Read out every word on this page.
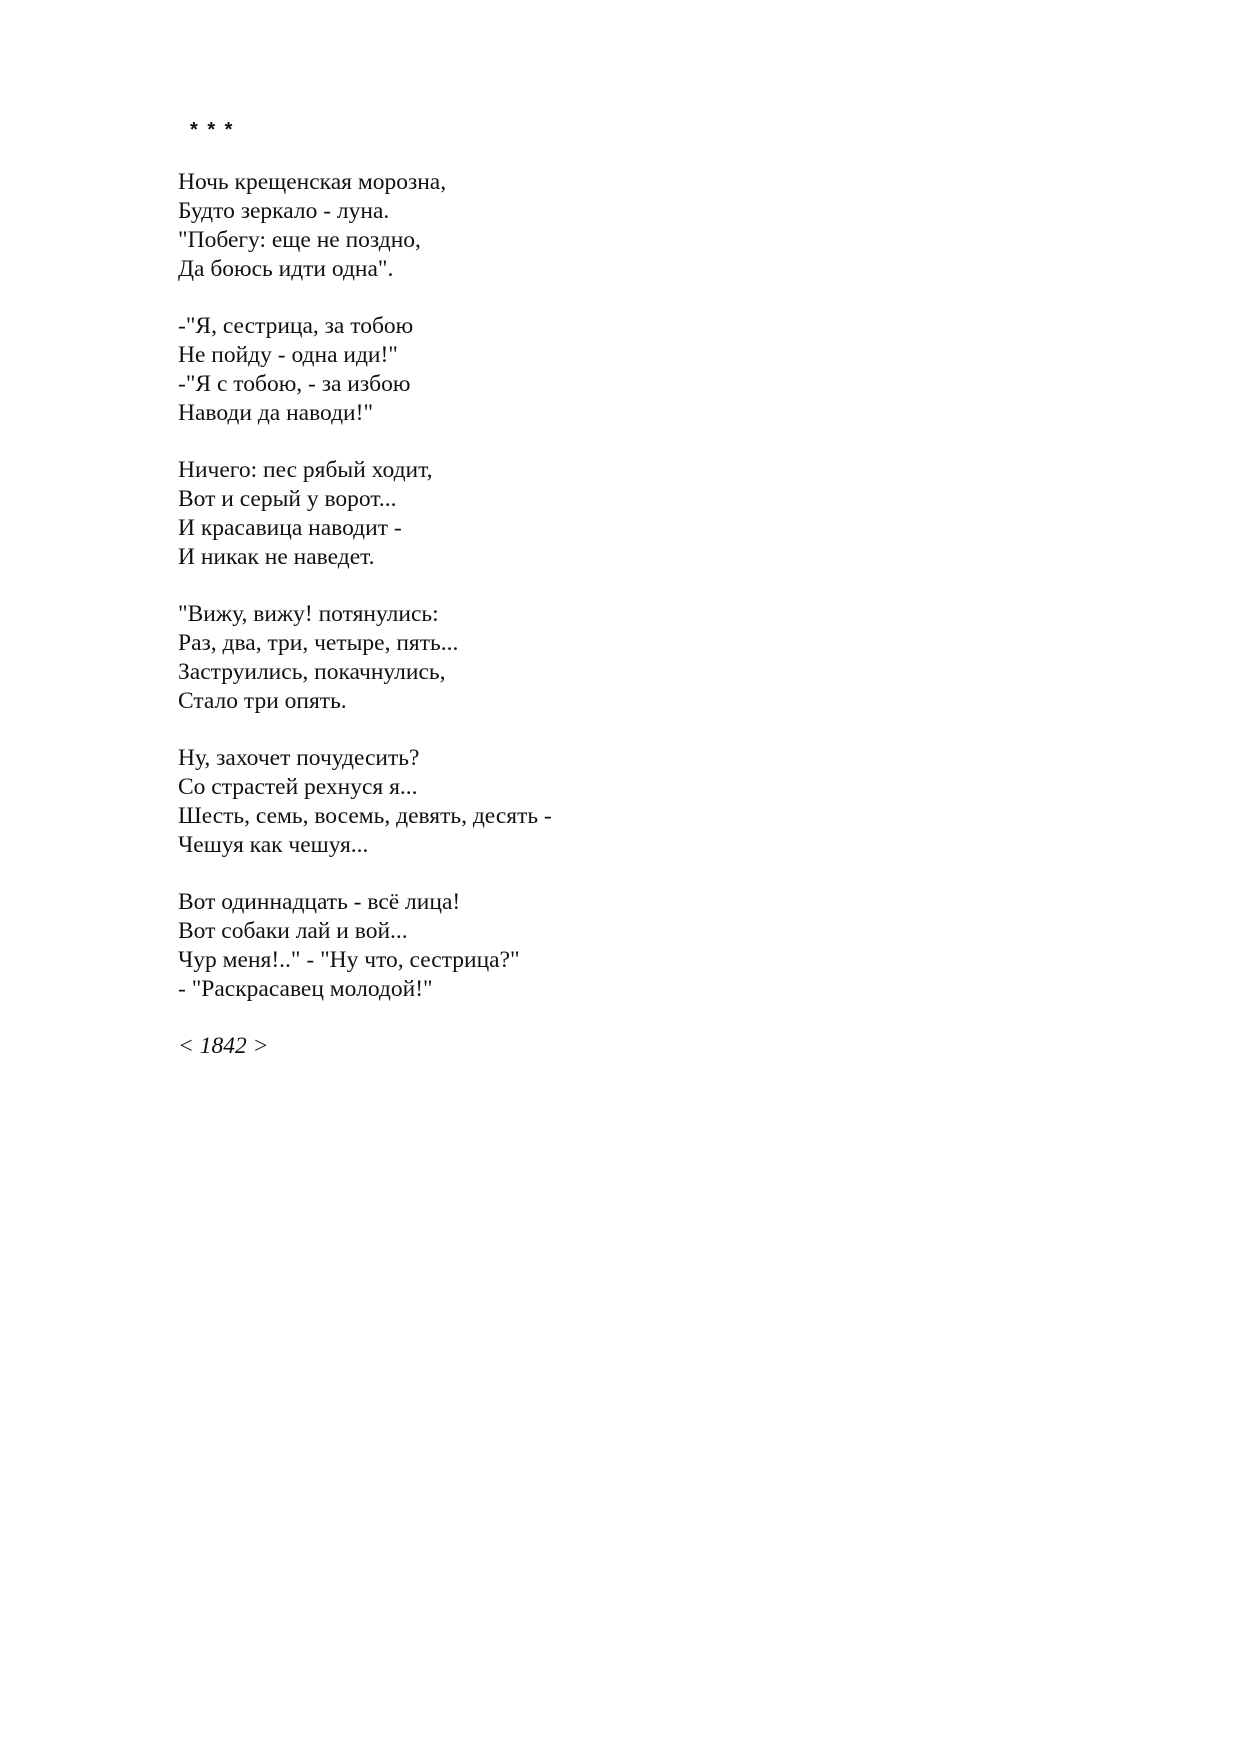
* * *
Ночь крещенская морозна,
Будто зеркало - луна.
"Побегу: еще не поздно,
Да боюсь идти одна".
-"Я, сестрица, за тобою
Не пойду - одна иди!"
-"Я с тобою, - за избою
Наводи да наводи!"
Ничего: пес рябый ходит,
Вот и серый у ворот...
И красавица наводит -
И никак не наведет.
"Вижу, вижу! потянулись:
Раз, два, три, четыре, пять...
Заструились, покачнулись,
Стало три опять.
Ну, захочет почудесить?
Со страстей рехнуся я...
Шесть, семь, восемь, девять, десять -
Чешуя как чешуя...
Вот одиннадцать - всё лица!
Вот собаки лай и вой...
Чур меня!.." - "Ну что, сестрица?"
- "Раскрасавец молодой!"
< 1842 >
